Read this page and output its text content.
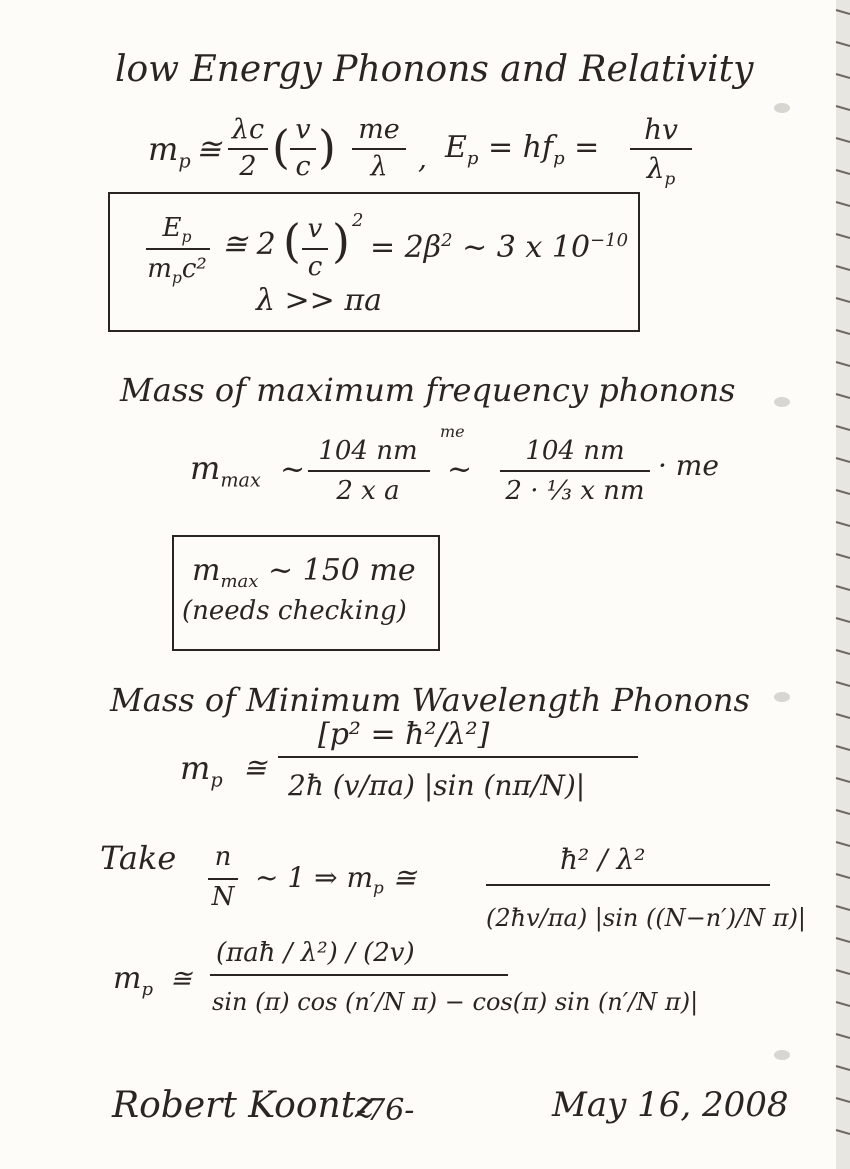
low Energy Phonons and Relativity
$m_p$ ≅
λc
2 ( v
c ) me
λ	, $E_p = hf_p$ =
hv
$\lambda_p$
$E_p$
$m_pc^2$
≅ 2 ( v
c ) 2
= $2\beta^2$ ~ 3 x $10^{-10}$
λ >> πa
Mass of maximum frequency phonons
$m_{max}$ ~
104 nm
2 x a
me
~
104 nm
2 · ⅓ x nm
· me
$m_{max}$ ~ 150 me
(needs checking)
Mass of Minimum Wavelength Phonons
$m_p$ ≅
[p² = ħ²/λ²]
2ħ (v/πa) |sin (nπ/N)|
Take n
N
~ 1 ⇒ $m_p$ ≅
ħ² / λ²
(2ħv/πa) |sin ((N−n′)/N π)|
$m_p$ ≅
(πaħ / λ²) / (2v)
sin (π) cos (n′/N π) − cos(π) sin (n′/N π)|
Robert Koontz
-76-	May 16, 2008
